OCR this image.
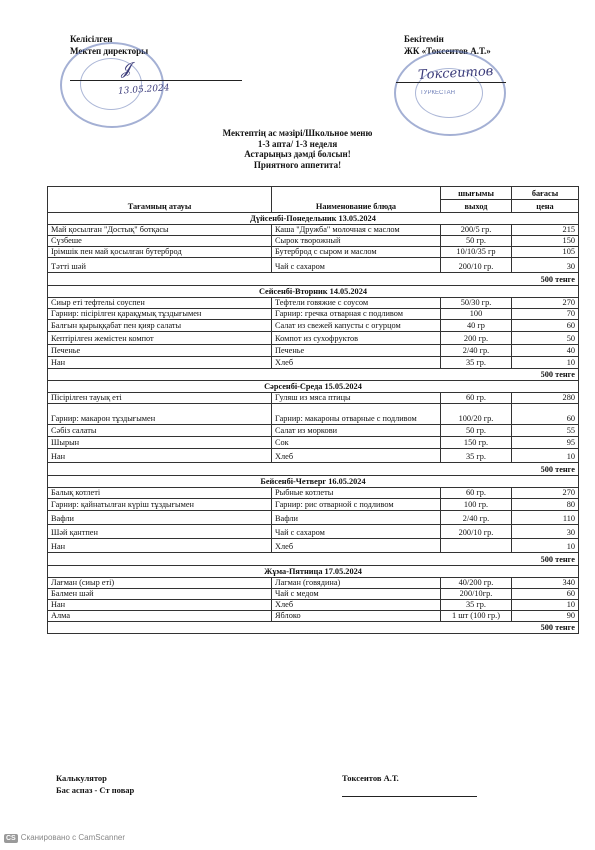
Келісілген
Мектеп директоры
𝓙
13.05.2024
Бекітемін
ЖК «Токсеитов А.Т.»
ТУРКЕСТАН
Токсеитов
Мектептің ас мәзірі/Школьное меню
1-3 апта/ 1-3 неделя
Астарыңыз дәмді болсын!
Приятного аппетита!
Тағамның атауы	Наименование блюда	шығымы	бағасы
		выход	цена
Дүйсенбі-Понедельник 13.05.2024			
Май қосылған "Достық" ботқасы	Каша "Дружба" молочная с маслом	200/5 гр.	215
Сүзбеше	Сырок творожный	50 гр.	150
Ірімшік пен май қосылған бутерброд	Бутерброд с сыром и маслом	10/10/35 гр	105
Тәтті шәй	Чай с сахаром	200/10 гр.	30
500 тенге			
Сейсенбі-Вторник 14.05.2024			
Сиыр еті тефтельі соуспен	Тефтели говяжие с соусом	50/30 гр.	270
Гарнир: пісірілген қарақұмық тұздығымен	Гарнир: гречка отварная с подливом	100	70
Балғын қырыққабат пен қияр салаты	Салат из свежей капусты с огурцом	40 гр	60
Кептірілген жемістен компот	Компот из сухофруктов	200 гр.	50
Печенье	Печенье	2/40 гр.	40
Нан	Хлеб	35 гр.	10
500 тенге			
Сәрсенбі-Среда 15.05.2024			
Пісірілген тауық еті	Гуляш из мяса птицы	60 гр.	280
Гарнир: макарон тұздығымен	Гарнир: макароны отварные с подливом	100/20 гр.	60
Сәбіз салаты	Салат из моркови	50 гр.	55
Шырын	Сок	150 гр.	95
Нан	Хлеб	35 гр.	10
500 тенге			
Бейсенбі-Четверг 16.05.2024			
Балық котлеті	Рыбные котлеты	60 гр.	270
Гарнир: қайнатылған күріш тұздығымен	Гарнир: рис отварной с подливом	100 гр.	80
Вафли	Вафли	2/40 гр.	110
Шәй қантпен	Чай с сахаром	200/10 гр.	30
Нан	Хлеб		10
500 тенге			
Жұма-Пятница 17.05.2024			
Лағман (сиыр еті)	Лагман (говядина)	40/200 гр.	340
Балмен шәй	Чай с медом	200/10гр.	60
Нан	Хлеб	35 гр.	10
Алма	Яблоко	1 шт (100 гр.)	90
500 тенге			
Калькулятор
Бас аспаз - Ст повар
Токсеитов А.Т.
CS Сканировано с CamScanner
